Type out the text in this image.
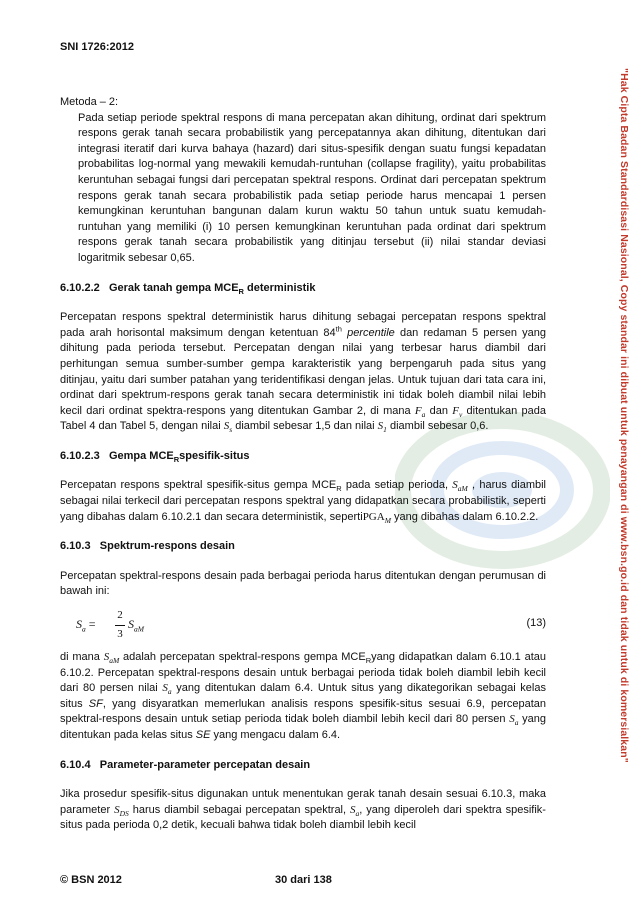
SNI 1726:2012
"Hak Cipta Badan Standardisasi Nasional, Copy standar ini dibuat untuk penayangan di www.bsn.go.id dan tidak untuk di komersialkan"

Metoda – 2:

Pada setiap periode spektral respons di mana percepatan akan dihitung, ordinat dari spektrum respons gerak tanah secara probabilistik yang percepatannya akan dihitung, ditentukan dari integrasi iteratif dari kurva bahaya (hazard) dari situs-spesifik dengan suatu fungsi kepadatan probabilitas log-normal yang mewakili kemudah-runtuhan (collapse fragility), yaitu probabilitas keruntuhan sebagai fungsi dari percepatan spektral respons. Ordinat dari percepatan spektrum respons gerak tanah secara probabilistik pada setiap periode harus mencapai 1 persen kemungkinan keruntuhan bangunan dalam kurun waktu 50 tahun untuk suatu kemudah-runtuhan yang memiliki (i) 10 persen kemungkinan keruntuhan pada ordinat dari spektrum respons gerak tanah secara probabilistik yang ditinjau tersebut (ii) nilai standar deviasi logaritmik sebesar 0,65.

6.10.2.2 Gerak tanah gempa $MCE_R$ deterministik

Percepatan respons spektral deterministik harus dihitung sebagai percepatan respons spektral pada arah horisontal maksimum dengan ketentuan 84th percentile dan redaman 5 persen yang dihitung pada perioda tersebut. Percepatan dengan nilai yang terbesar harus diambil dari perhitungan semua sumber-sumber gempa karakteristik yang berpengaruh pada situs yang ditinjau, yaitu dari sumber patahan yang teridentifikasi dengan jelas. Untuk tujuan dari tata cara ini, ordinat dari spektrum-respons gerak tanah secara deterministik ini tidak boleh diambil nilai lebih kecil dari ordinat spektra-respons yang ditentukan Gambar 2, di mana $F_a$ dan $F_v$ ditentukan pada Tabel 4 dan Tabel 5, dengan nilai $S_s$ diambil sebesar 1,5 dan nilai $S_1$ diambil sebesar 0,6.

6.10.2.3 Gempa $MCE_Rspesifik$-situs

Percepatan respons spektral spesifik-situs gempa $MCE_R$ pada setiap perioda, $S_{aM}$ , harus diambil sebagai nilai terkecil dari percepatan respons spektral yang didapatkan secara probabilistik, seperti yang dibahas dalam 6.10.2.1 dan secara deterministik, sepertiPGA$_M$ yang dibahas dalam 6.10.2.2.

6.10.3 Spektrum-respons desain

Percepatan spektral-respons desain pada berbagai perioda harus ditentukan dengan perumusan di bawah ini:

$S_a$ =
2
3
$S_{aM}$	(13)

di mana $S_{aM}$ adalah percepatan spektral-respons gempa $MCE_Ryang$ didapatkan dalam 6.10.1 atau 6.10.2. Percepatan spektral-respons desain untuk berbagai perioda tidak boleh diambil lebih kecil dari 80 persen nilai $S_a$ yang ditentukan dalam 6.4. Untuk situs yang dikategorikan sebagai kelas situs SF, yang disyaratkan memerlukan analisis respons spesifik-situs sesuai 6.9, percepatan spektral-respons desain untuk setiap perioda tidak boleh diambil lebih kecil dari 80 persen $S_a$ yang ditentukan pada kelas situs SE yang mengacu dalam 6.4.

6.10.4 Parameter-parameter percepatan desain

Jika prosedur spesifik-situs digunakan untuk menentukan gerak tanah desain sesuai 6.10.3, maka parameter $S_{DS}$ harus diambil sebagai percepatan spektral, $S_a$, yang diperoleh dari spektra spesifik-situs pada perioda 0,2 detik, kecuali bahwa tidak boleh diambil lebih kecil

© BSN 2012	30 dari 138
